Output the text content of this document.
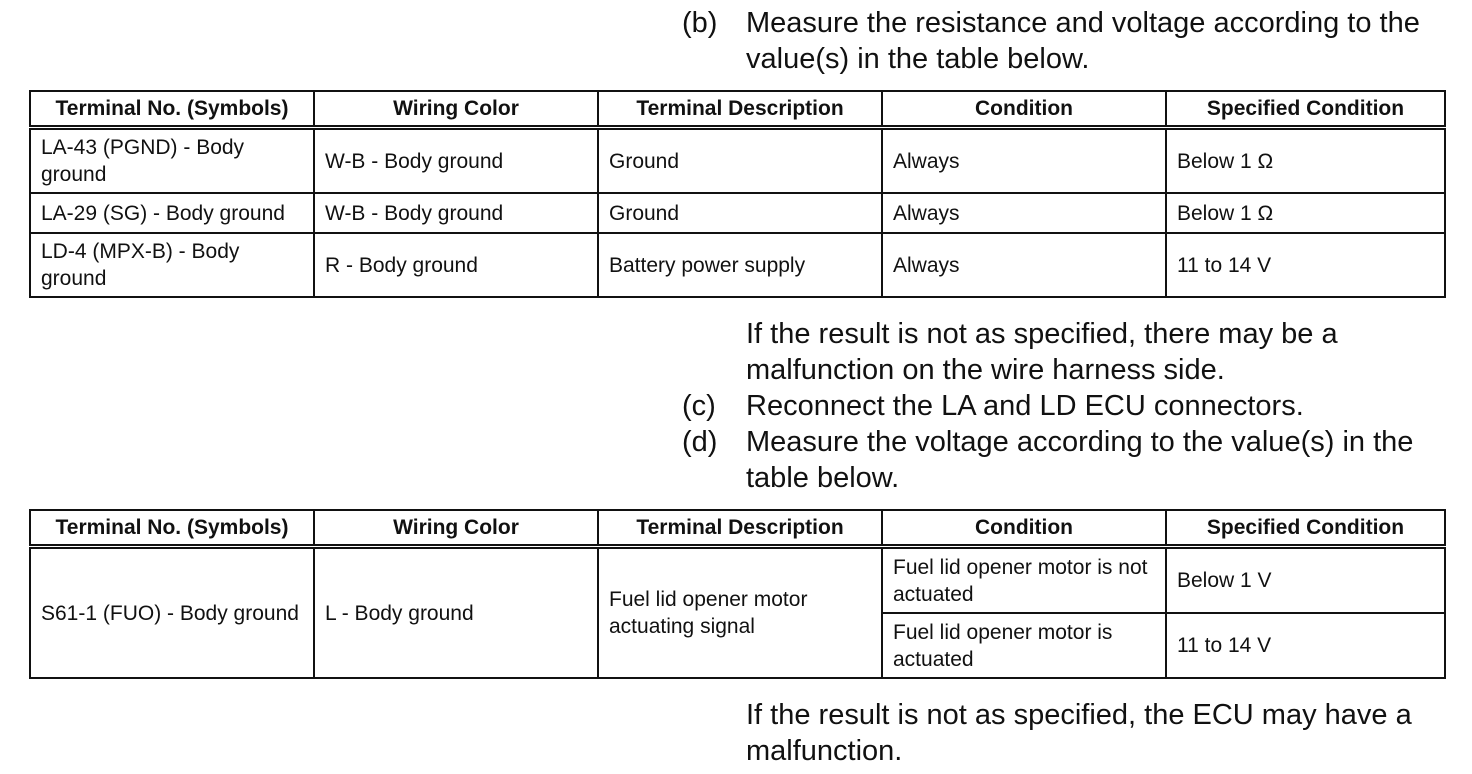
(b) Measure the resistance and voltage according to the value(s) in the table below.
Terminal No. (Symbols)	Wiring Color	Terminal Description	Condition	Specified Condition
LA-43 (PGND) - Body ground	W-B - Body ground	Ground	Always	Below 1 Ω
LA-29 (SG) - Body ground	W-B - Body ground	Ground	Always	Below 1 Ω
LD-4 (MPX-B) - Body ground	R - Body ground	Battery power supply	Always	11 to 14 V
If the result is not as specified, there may be a malfunction on the wire harness side.
(c) Reconnect the LA and LD ECU connectors.
(d) Measure the voltage according to the value(s) in the table below.
Terminal No. (Symbols)	Wiring Color	Terminal Description	Condition	Specified Condition
S61-1 (FUO) - Body ground	L - Body ground	Fuel lid opener motor actuating signal	Fuel lid opener motor is not actuated	Below 1 V
			Fuel lid opener motor is actuated	11 to 14 V
If the result is not as specified, the ECU may have a malfunction.
